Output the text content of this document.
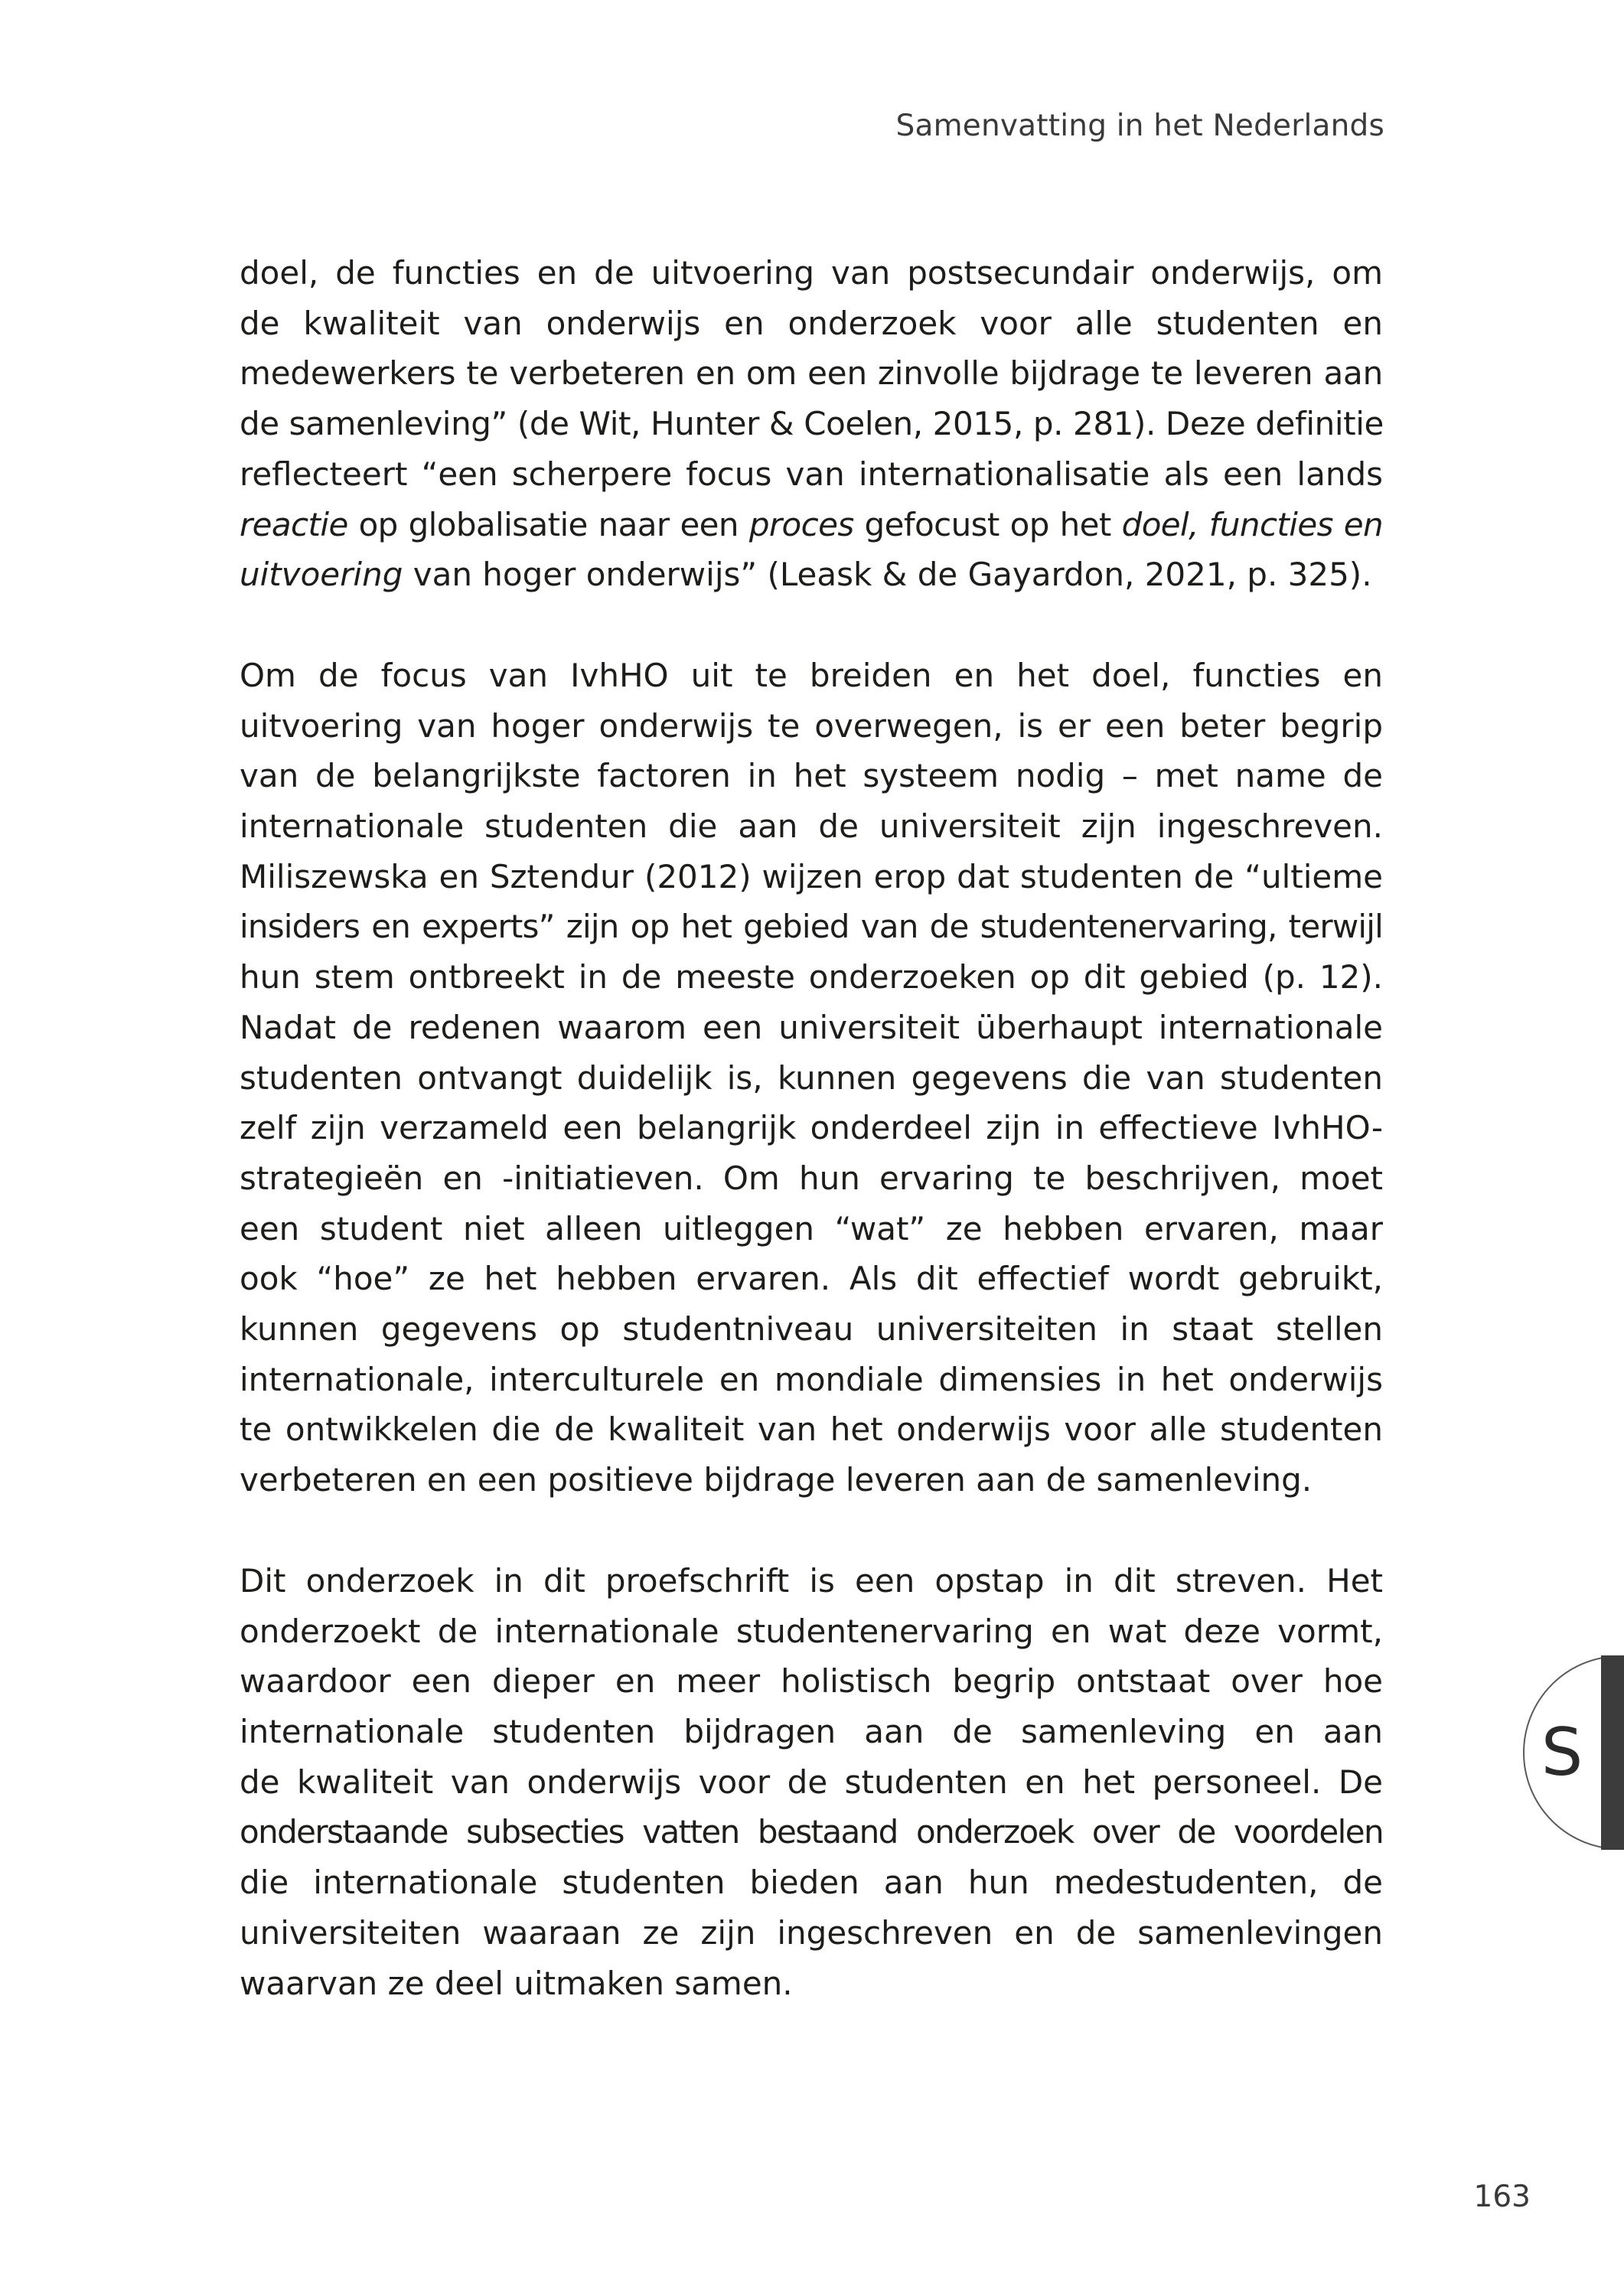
Samenvatting in het Nederlands

doel, de functies en de uitvoering van postsecundair onderwijs, om
de kwaliteit van onderwijs en onderzoek voor alle studenten en
medewerkers te verbeteren en om een zinvolle bijdrage te leveren aan
de samenleving” (de Wit, Hunter & Coelen, 2015, p. 281). Deze definitie
reflecteert “een scherpere focus van internationalisatie als een lands
reactie op globalisatie naar een proces gefocust op het doel, functies en
uitvoering van hoger onderwijs” (Leask & de Gayardon, 2021, p. 325).

Om de focus van IvhHO uit te breiden en het doel, functies en
uitvoering van hoger onderwijs te overwegen, is er een beter begrip
van de belangrijkste factoren in het systeem nodig – met name de
internationale studenten die aan de universiteit zijn ingeschreven.
Miliszewska en Sztendur (2012) wijzen erop dat studenten de “ultieme
insiders en experts” zijn op het gebied van de studentenervaring, terwijl
hun stem ontbreekt in de meeste onderzoeken op dit gebied (p. 12).
Nadat de redenen waarom een universiteit überhaupt internationale
studenten ontvangt duidelijk is, kunnen gegevens die van studenten
zelf zijn verzameld een belangrijk onderdeel zijn in effectieve IvhHO-
strategieën en -initiatieven. Om hun ervaring te beschrijven, moet
een student niet alleen uitleggen “wat” ze hebben ervaren, maar
ook “hoe” ze het hebben ervaren. Als dit effectief wordt gebruikt,
kunnen gegevens op studentniveau universiteiten in staat stellen
internationale, interculturele en mondiale dimensies in het onderwijs
te ontwikkelen die de kwaliteit van het onderwijs voor alle studenten
verbeteren en een positieve bijdrage leveren aan de samenleving.

Dit onderzoek in dit proefschrift is een opstap in dit streven. Het
onderzoekt de internationale studentenervaring en wat deze vormt,
waardoor een dieper en meer holistisch begrip ontstaat over hoe
internationale studenten bijdragen aan de samenleving en aan
de kwaliteit van onderwijs voor de studenten en het personeel. De
onderstaande subsecties vatten bestaand onderzoek over de voordelen
die internationale studenten bieden aan hun medestudenten, de
universiteiten waaraan ze zijn ingeschreven en de samenlevingen
waarvan ze deel uitmaken samen.

S
163
